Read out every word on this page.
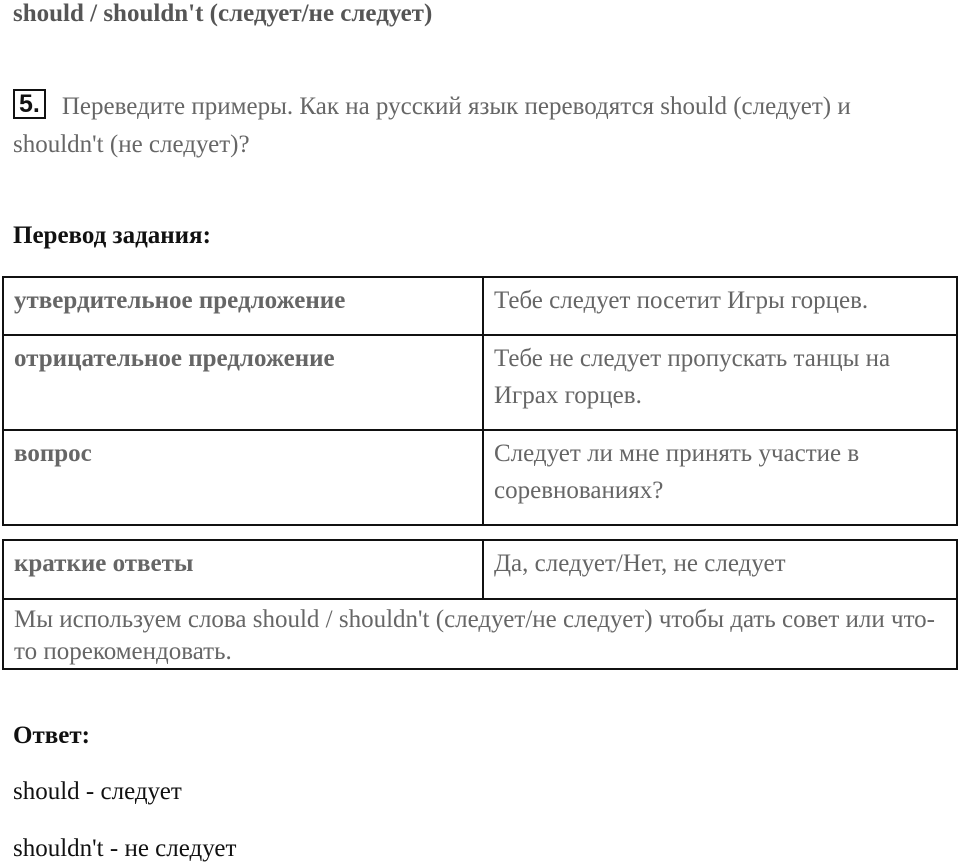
should / shouldn't (следует/не следует)
5. Переведите примеры. Как на русский язык переводятся should (следует) и shouldn't (не следует)?
Перевод задания:
утвердительное предложение	Тебе следует посетит Игры горцев.
отрицательное предложение	Тебе не следует пропускать танцы на Играх горцев.
вопрос	Следует ли мне принять участие в соревнованиях?
краткие ответы	Да, следует/Нет, не следует
Мы используем слова should / shouldn't (следует/не следует) чтобы дать совет или что-то порекомендовать.
Ответ:
should - следует
shouldn't - не следует
